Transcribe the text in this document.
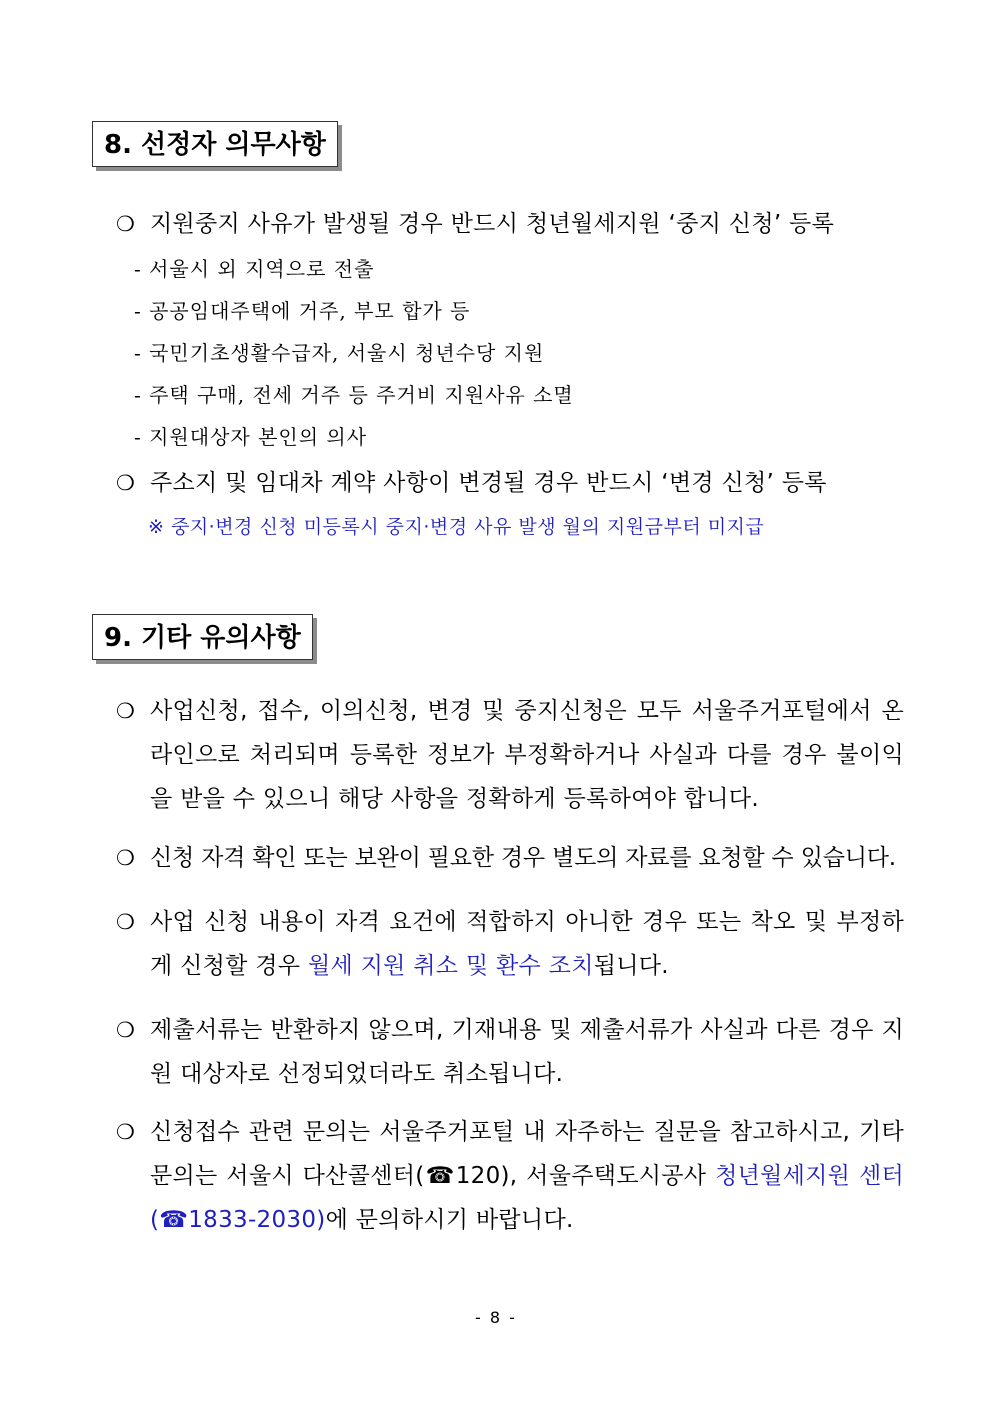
8. 선정자 의무사항
❍ 지원중지 사유가 발생될 경우 반드시 청년월세지원 ‘중지 신청’ 등록
- 서울시 외 지역으로 전출
- 공공임대주택에 거주, 부모 합가 등
- 국민기초생활수급자, 서울시 청년수당 지원
- 주택 구매, 전세 거주 등 주거비 지원사유 소멸
- 지원대상자 본인의 의사
❍ 주소지 및 임대차 계약 사항이 변경될 경우 반드시 ‘변경 신청’ 등록
※ 중지·변경 신청 미등록시 중지·변경 사유 발생 월의 지원금부터 미지급
9. 기타 유의사항
❍ 사업신청, 접수, 이의신청, 변경 및 중지신청은 모두 서울주거포털에서 온라인으로 처리되며 등록한 정보가 부정확하거나 사실과 다를 경우 불이익을 받을 수 있으니 해당 사항을 정확하게 등록하여야 합니다.
❍ 신청 자격 확인 또는 보완이 필요한 경우 별도의 자료를 요청할 수 있습니다.
❍ 사업 신청 내용이 자격 요건에 적합하지 아니한 경우 또는 착오 및 부정하게 신청할 경우 월세 지원 취소 및 환수 조치됩니다.
❍ 제출서류는 반환하지 않으며, 기재내용 및 제출서류가 사실과 다른 경우 지원 대상자로 선정되었더라도 취소됩니다.
❍ 신청접수 관련 문의는 서울주거포털 내 자주하는 질문을 참고하시고, 기타 문의는 서울시 다산콜센터(☎120), 서울주택도시공사 청년월세지원 센터(☎1833-2030)에 문의하시기 바랍니다.
- 8 -
